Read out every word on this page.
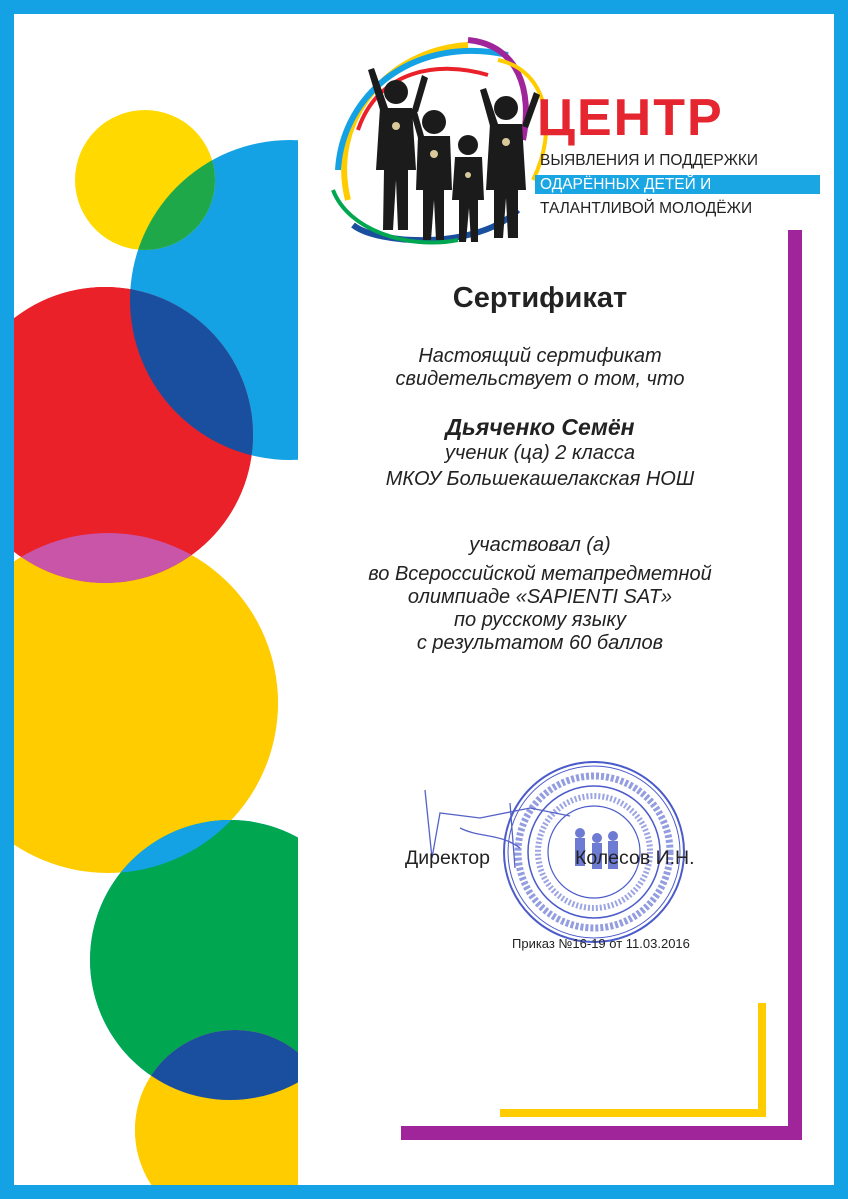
ЦЕНТР
ВЫЯВЛЕНИЯ И ПОДДЕРЖКИ
ОДАРЁННЫХ ДЕТЕЙ И
ТАЛАНТЛИВОЙ МОЛОДЁЖИ
Сертификат
Настоящий сертификат
свидетельствует о том, что
Дьяченко Семён
ученик (ца) 2 класса
МКОУ Большекашелакская НОШ
участвовал (а)
во Всероссийской метапредметной
олимпиаде «SAPIENTI SAT»
по русскому языку
с результатом 60 баллов
Директор	Колесов И.Н.
Приказ №16-19 от 11.03.2016
